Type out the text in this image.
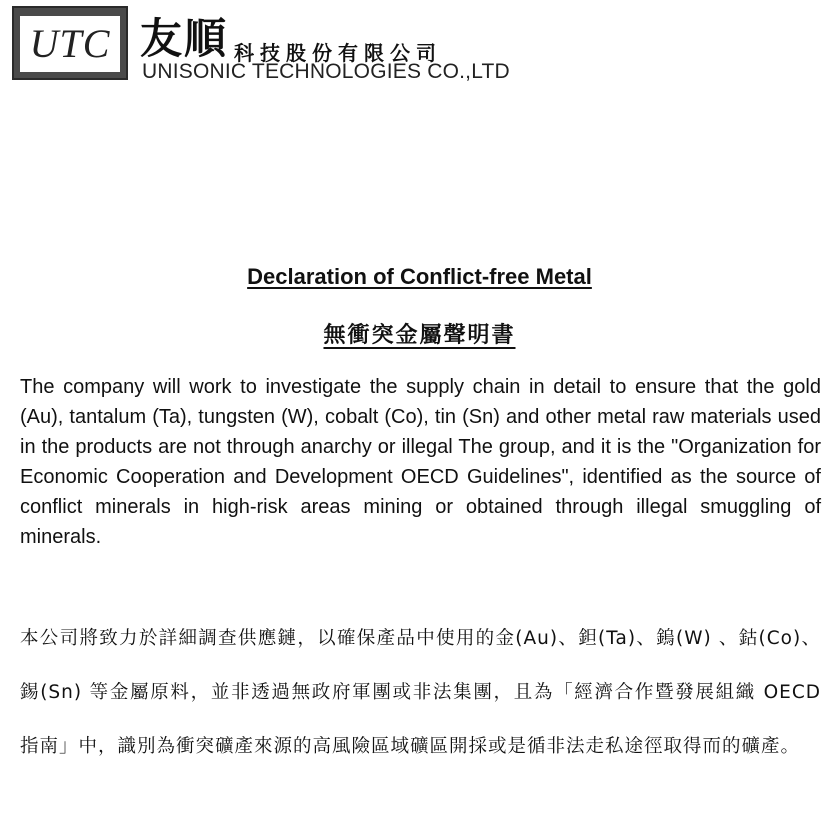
UTC 友順 科技股份有限公司
UNISONIC TECHNOLOGIES CO.,LTD
Declaration of Conflict-free Metal
無衝突金屬聲明書

The company will work to investigate the supply chain in detail to ensure that the gold (Au), tantalum (Ta), tungsten (W), cobalt (Co), tin (Sn) and other metal raw materials used in the products are not through anarchy or illegal The group, and it is the "Organization for Economic Cooperation and Development OECD Guidelines", identified as the source of conflict minerals in high-risk areas mining or obtained through illegal smuggling of minerals.

本公司將致力於詳細調查供應鏈，以確保產品中使用的金(Au)、鉭(Ta)、鎢(W) 、鈷(Co)、錫(Sn) 等金屬原料，並非透過無政府軍團或非法集團，且為「經濟合作暨發展組織 OECD 指南」中，識別為衝突礦產來源的高風險區域礦區開採或是循非法走私途徑取得而的礦產。
